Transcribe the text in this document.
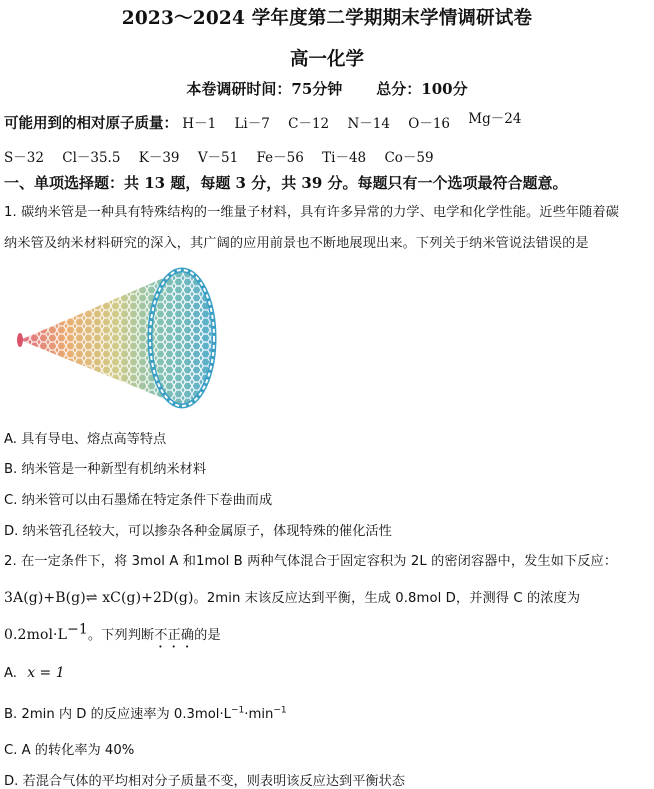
2023～2024 学年度第二学期期末学情调研试卷
高一化学
本卷调研时间：75分钟 总分：100分
可能用到的相对原子质量： H－1 Li－7 C－12 N－14 O－16 Mg－24
S－32 Cl－35.5 K－39 V－51 Fe－56 Ti－48 Co－59
一、单项选择题：共 13 题，每题 3 分，共 39 分。每题只有一个选项最符合题意。
1. 碳纳米管是一种具有特殊结构的一维量子材料，具有许多异常的力学、电学和化学性能。近些年随着碳
纳米管及纳米材料研究的深入，其广阔的应用前景也不断地展现出来。下列关于纳米管说法错误的是
A. 具有导电、熔点高等特点
B. 纳米管是一种新型有机纳米材料
C. 纳米管可以由石墨烯在特定条件下卷曲而成
D. 纳米管孔径较大，可以掺杂各种金属原子，体现特殊的催化活性
2. 在一定条件下，将 3mol A 和1mol B 两种气体混合于固定容积为 2L 的密闭容器中，发生如下反应：
3A(g)+B(g)⇌ xC(g)+2D(g)。2min 末该反应达到平衡，生成 0.8mol D，并测得 C 的浓度为
$0.2mol\cdot L^{-1}$。下列判断不正确的是
A. x = 1
B. 2min 内 D 的反应速率为 $0.3mol\cdot L^{-1}\cdot\min^{-1}$
C. A 的转化率为 40%
D. 若混合气体的平均相对分子质量不变，则表明该反应达到平衡状态
